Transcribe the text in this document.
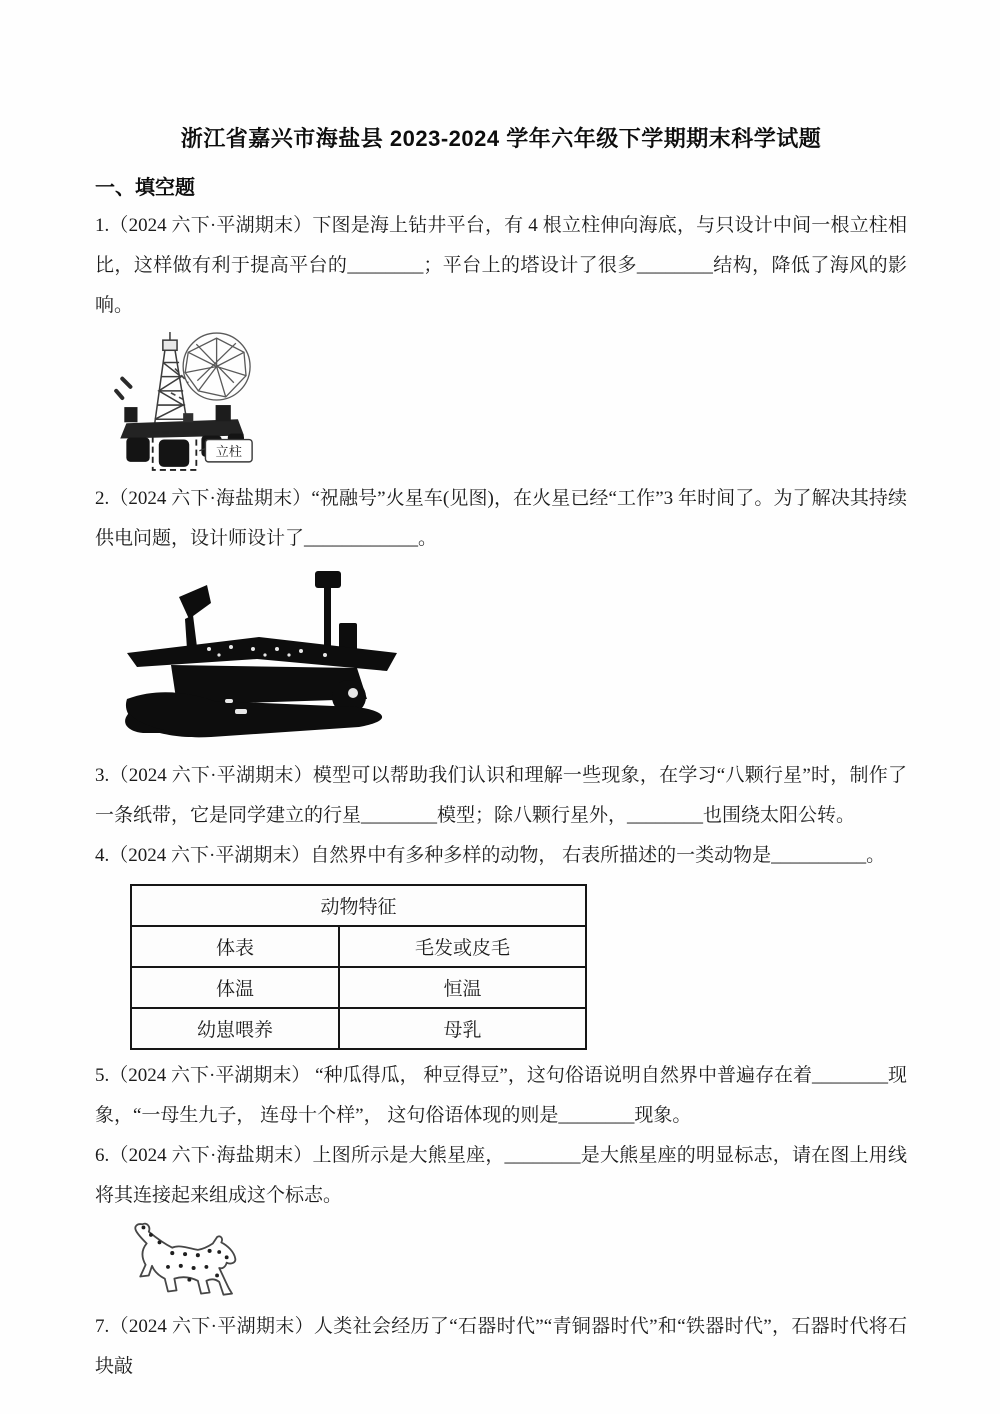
浙江省嘉兴市海盐县 2023-2024 学年六年级下学期期末科学试题
一、填空题

1.（2024 六下·平湖期末）下图是海上钻井平台，有 4 根立柱伸向海底，与只设计中间一根立柱相比，这样做有利于提高平台的________；平台上的塔设计了很多________结构，降低了海风的影响。

立柱

2.（2024 六下·海盐期末）“祝融号”火星车(见图)，在火星已经“工作”3 年时间了。为了解决其持续供电问题，设计师设计了____________。

3.（2024 六下·平湖期末）模型可以帮助我们认识和理解一些现象，在学习“八颗行星”时，制作了 一条纸带，它是同学建立的行星________模型；除八颗行星外，________也围绕太阳公转。

4.（2024 六下·平湖期末）自然界中有多种多样的动物， 右表所描述的一类动物是__________。

动物特征	
体表	毛发或皮毛
体温	恒温
幼崽喂养	母乳

5.（2024 六下·平湖期末） “种瓜得瓜， 种豆得豆”，这句俗语说明自然界中普遍存在着________现象，“一母生九子， 连母十个样”， 这句俗语体现的则是________现象。

6.（2024 六下·海盐期末）上图所示是大熊星座，________是大熊星座的明显标志，请在图上用线将其连接起来组成这个标志。

7.（2024 六下·平湖期末）人类社会经历了“石器时代”“青铜器时代”和“铁器时代”，石器时代将石块敲
